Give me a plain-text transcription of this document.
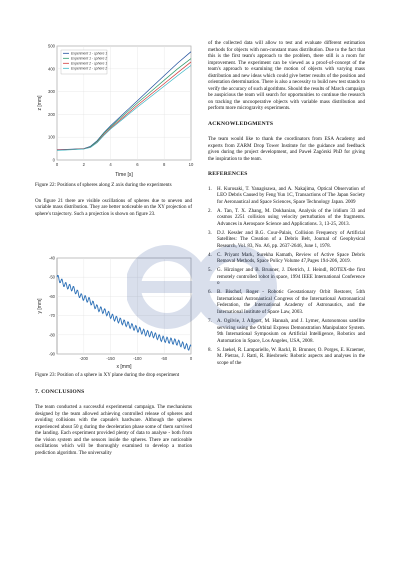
0	2	4	6	8	10
0
100
200
300
400
500
Experiment 1 - sphere 1
Experiment 1 - sphere 2
Experiment 2 - sphere 1
Experiment 2 - sphere 2
Time [s]
z [mm]

Figure 22: Positions of spheres along Z axis during the experiments

On figure 21 there are visible oscillations of spheres due to uneven and variable mass distribution. They are better noticeable on the XY projection of sphere's trajectory. Such a projection is shown on figure 23.

-200	-150	-100	-50	0
-40
-50
-60
-70
-80
-90
x [mm]
y [mm]

Figure 23: Position of a sphere in XY plane during the drop experiment

7. CONCLUSIONS

The team conducted a successful experimental campaign. The mechanisms designed by the team allowed achieving controlled release of spheres and avoiding collisions with the capsule's hardware. Although the spheres experienced about 50 g during the deceleration phase some of them survived the landing. Each experiment provided plenty of data to analyse - both from the vision system and the sensors inside the spheres. There are noticeable oscillations which will be thoroughly examined to develop a motion prediction algorithm. The universality

of the collected data will allow to test and evaluate different estimation methods for objects with non-constant mass distribution. Due to the fact that this is the first team's approach to the problem, there still is a room for improvement. The experiment can be viewed as a proof-of-concept of the team's approach to examining the motion of objects with varying mass distribution and new ideas which could give better results of the position and orientation determination. There is also a necessity to build new test stands to verify the accuracy of such algorithms. Should the results of March campaign be auspicious the team will search for opportunities to continue the research on tracking the uncooperative objects with variable mass distribution and perform more microgravity experiments.

ACKNOWLEDGMENTS

The team would like to thank the coordinators from ESA Academy and experts from ZARM Drop Tower Institute for the guidance and feedback given during the project development, and Paweł Zagórski PhD for giving the inspiration to the team.

REFERENCES

1. H. Kurosaki, T. Yanagisawa, and A. Nakajima, Optical Observation of LEO Debris Caused by Feng Yun 1C, Transactions of The Japan Society for Aeronautical and Space Sciences, Space Technology Japan. 2009
2. A. Tan, T. X. Zhang, M. Dokhanian, Analysis of the iridium 33 and cosmos 2251 collision using velocity perturbation of the fragments. Advances in Aerospace Science and Applications. 3, 13-25, 2013.
3. D.J. Kessler and B.G. Cour-Palais, Collision Frequency of Artificial Satellites: The Creation of a Debris Belt, Journal of Geophysical Research, Vol. 83, No. A6, pp. 2637-2646, June 1, 1978.
4. C. Priyant Mark, Surekha Kamath, Review of Active Space Debris Removal Methods, Space Policy Volume 47,Pages 194-206, 2019.
5. G. Hirzinger and B. Brunner, J. Dietrich, J. Heindl, ROTEX-the first remotely controlled robot in space, 1994 IEEE International Conference o
6. B. Bischof, Roger - Robotic Geostationary Orbit Restorer, 54th International Astronautical Congress of the International Astronautical Federation, the International Academy of Astronautics, and the International Institute of Space Law, 2003.
7. A. Ogilvie, J. Allport, M. Hannah, and J. Lymer, Autonomous satellite servicing using the Orbital Express Demonstration Manipulator System. 9th International Symposium on Artificial Intelligence, Robotics and Automation in Space, Los Angeles, USA, 2008.
8. S. Jaekel, R. Lampariello, W. Rackl, B. Brunner, O. Porges, E. Kraemer, M. Pietras, J. Ratti, R. Biesbroek: Robotic aspects and analyses in the scope of the
